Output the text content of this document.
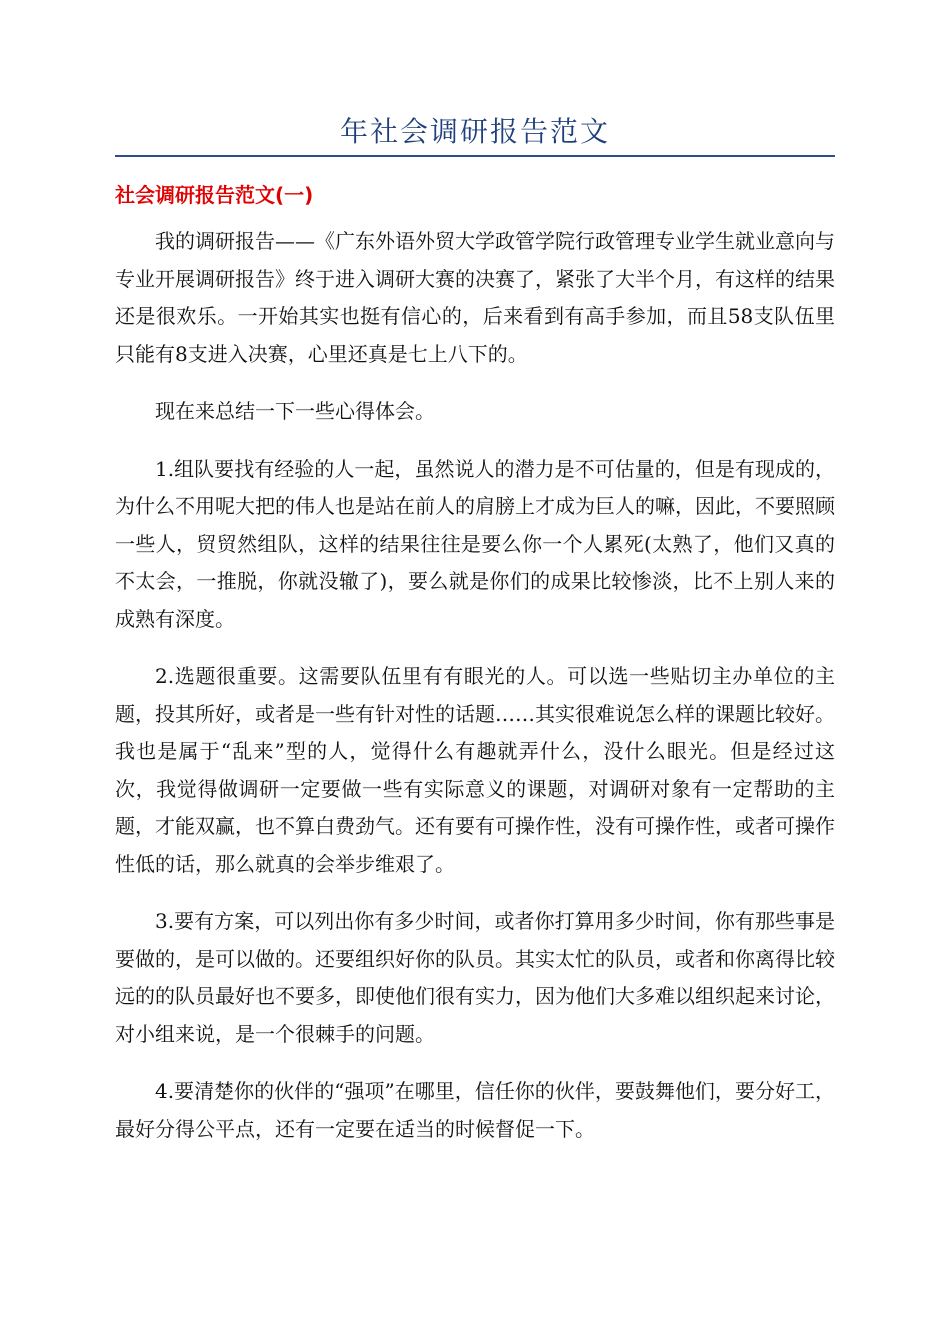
年社会调研报告范文
社会调研报告范文(一)

我的调研报告——《广东外语外贸大学政管学院行政管理专业学生就业意向与专业开展调研报告》终于进入调研大赛的决赛了，紧张了大半个月，有这样的结果还是很欢乐。一开始其实也挺有信心的，后来看到有高手参加，而且58支队伍里只能有8支进入决赛，心里还真是七上八下的。

现在来总结一下一些心得体会。

1.组队要找有经验的人一起，虽然说人的潜力是不可估量的，但是有现成的，为什么不用呢大把的伟人也是站在前人的肩膀上才成为巨人的嘛，因此，不要照顾一些人，贸贸然组队，这样的结果往往是要么你一个人累死(太熟了，他们又真的不太会，一推脱，你就没辙了)，要么就是你们的成果比较惨淡，比不上别人来的成熟有深度。

2.选题很重要。这需要队伍里有有眼光的人。可以选一些贴切主办单位的主题，投其所好，或者是一些有针对性的话题……其实很难说怎么样的课题比较好。我也是属于“乱来”型的人，觉得什么有趣就弄什么，没什么眼光。但是经过这次，我觉得做调研一定要做一些有实际意义的课题，对调研对象有一定帮助的主题，才能双赢，也不算白费劲气。还有要有可操作性，没有可操作性，或者可操作性低的话，那么就真的会举步维艰了。

3.要有方案，可以列出你有多少时间，或者你打算用多少时间，你有那些事是要做的，是可以做的。还要组织好你的队员。其实太忙的队员，或者和你离得比较远的的队员最好也不要多，即使他们很有实力，因为他们大多难以组织起来讨论，对小组来说，是一个很棘手的问题。

4.要清楚你的伙伴的“强项”在哪里，信任你的伙伴，要鼓舞他们，要分好工，最好分得公平点，还有一定要在适当的时候督促一下。
